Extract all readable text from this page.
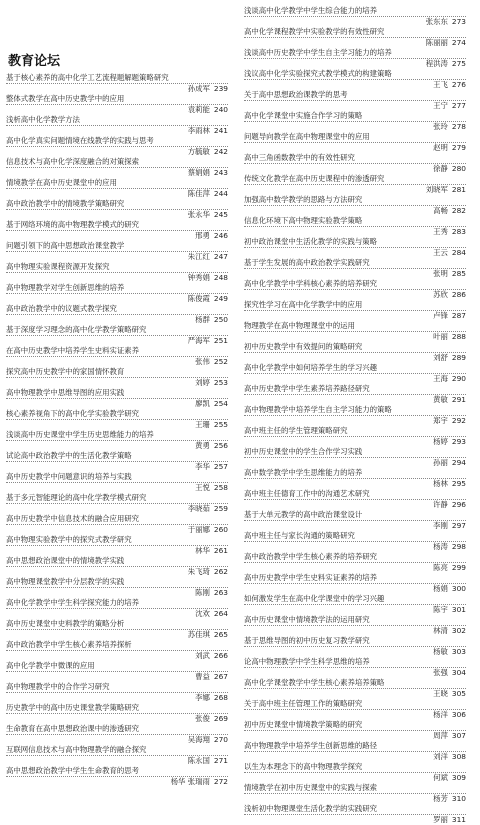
教育论坛
基于核心素养的高中化学工艺流程题解题策略研究
孙成军 239
整体式教学在高中历史教学中的应用
袁莉能 240
浅析高中化学教学方法
李雨林 241
高中化学真实问题情境在线教学的实践与思考
方毓敏 242
信息技术与高中化学深度融合的对策探索
蔡娟娟 243
情境教学在高中历史课堂中的应用
陈佳萍 244
高中政治教学中的情境教学策略研究
张永华 245
基于网络环境的高中物理教学模式的研究
邢勇 246
问题引领下的高中思想政治课堂教学
朱江红 247
高中物理实验课程资源开发探究
钟秀娟 248
高中物理教学对学生创新思维的培养
陈俊霞 249
高中政治教学中的议题式教学探究
杨群 250
基于深度学习理念的高中化学教学策略研究
严海军 251
在高中历史教学中培养学生史料实证素养
张伟 252
探究高中历史教学中的家国情怀教育
刘婷 253
高中物理教学中思维导图的应用实践
廖凯 254
核心素养视角下的高中化学实验教学研究
王珊 255
浅谈高中历史课堂中学生历史思维能力的培养
黄勇 256
试论高中政治教学中的生活化教学策略
李华 257
高中历史教学中问题意识的培养与实践
王悦 258
基于多元智能理论的高中化学教学模式研究
李晓茹 259
高中历史教学中信息技术的融合应用研究
于丽娜 260
高中物理实验教学中的探究式教学研究
林华 261
高中思想政治课堂中的情境教学实践
朱飞琦 262
高中物理课堂教学中分层教学的实践
陈刚 263
高中化学教学中学生科学探究能力的培养
沈欢 264
高中历史课堂中史料教学的策略分析
苏佳琪 265
高中政治教学中学生核心素养培养探析
刘武 266
高中化学教学中微课的应用
曹益 267
高中物理教学中的合作学习研究
李娜 268
历史教学中的高中历史课堂教学策略研究
张俊 269
生命教育在高中思想政治课中的渗透研究
吴海翔 270
互联网信息技术与高中物理教学的融合探究
陈永国 271
高中思想政治教学中学生生命教育的思考
杨华 张瑞雨 272
浅谈高中化学教学中学生综合能力的培养
张东东 273
高中化学课程教学中实验教学的有效性研究
陈丽丽 274
浅谈高中历史教学中学生自主学习能力的培养
程洪涛 275
浅议高中化学实验探究式教学模式的构建策略
王飞 276
关于高中思想政治课教学的思考
王宁 277
高中化学课堂中实施合作学习的策略
张玲 278
问题导向教学在高中物理课堂中的应用
赵明 279
高中三角函数教学中的有效性研究
徐静 280
传统文化教学在高中历史课程中的渗透研究
刘晓军 281
加强高中数学教学的思路与方法研究
高畅 282
信息化环境下高中物理实验教学策略
王秀 283
初中政治课堂中生活化教学的实践与策略
王云 284
基于学生发展的高中政治教学实践研究
张明 285
高中化学教学中学科核心素养的培养研究
苏欣 286
探究性学习在高中化学教学中的应用
卢锋 287
物理教学在高中物理课堂中的运用
叶丽 288
初中历史教学中有效提问的策略研究
刘舒 289
高中化学教学中如何培养学生的学习兴趣
王海 290
高中历史教学中学生素养培养路径研究
黄敏 291
高中物理教学中培养学生自主学习能力的策略
郑宇 292
高中班主任的学生管理策略研究
杨婷 293
初中历史课堂中的学生合作学习实践
孙丽 294
高中数学教学中学生思维能力的培养
杨林 295
高中班主任德育工作中的沟通艺术研究
许静 296
基于大单元教学的高中政治课堂设计
李刚 297
高中班主任与家长沟通的策略研究
杨涛 298
高中政治教学中学生核心素养的培养研究
陈亮 299
高中历史教学中学生史料实证素养的培养
杨娟 300
如何激发学生在高中化学课堂中的学习兴趣
陈宇 301
高中历史课堂中情境教学法的运用研究
林清 302
基于思维导图的初中历史复习教学研究
杨敏 303
论高中物理教学中学生科学思维的培养
张强 304
高中化学课堂教学中学生核心素养培养策略
王晓 305
关于高中班主任管理工作的策略研究
杨洋 306
初中历史课堂中情境教学策略的研究
周萍 307
高中物理教学中培养学生创新思维的路径
刘洋 308
以生为本理念下的高中物理教学探究
何斌 309
情境教学在初中历史课堂中的实践与探索
杨芳 310
浅析初中物理课堂生活化教学的实践研究
罗丽 311
